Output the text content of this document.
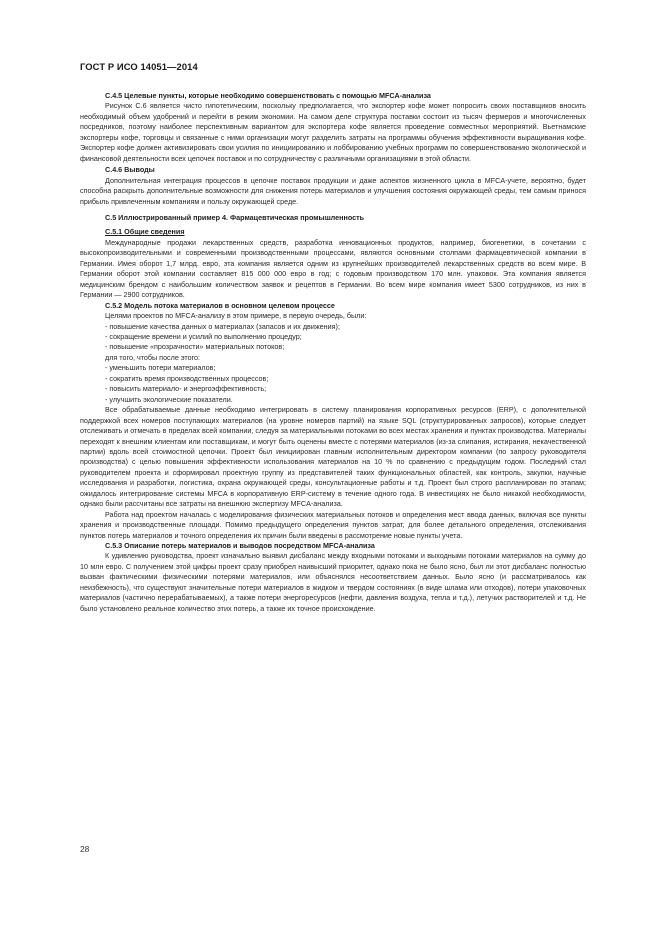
ГОСТ Р ИСО 14051—2014
С.4.5 Целевые пункты, которые необходимо совершенствовать с помощью MFCA-анализа

Рисунок С.6 является чисто гипотетическим, поскольку предполагается, что экспортер кофе может попросить своих поставщиков вносить необходимый объем удобрений и перейти в режим экономии. На самом деле структура поставки состоит из тысяч фермеров и многочисленных посредников, поэтому наиболее перспективным вариантом для экспортера кофе является проведение совместных мероприятий. Вьетнамские экспортеры кофе, торговцы и связанные с ними организации могут разделить затраты на программы обучения эффективности выращивания кофе. Экспортер кофе должен активизировать свои усилия по инициированию и лоббированию учебных программ по совершенствованию экологической и финансовой деятельности всех цепочек поставок и по сотрудничеству с различными организациями в этой области.

С.4.6 Выводы

Дополнительная интеграция процессов в цепочке поставок продукции и даже аспектов жизненного цикла в MFCA-учете, вероятно, будет способна раскрыть дополнительные возможности для снижения потерь материалов и улучшения состояния окружающей среды, тем самым принося прибыль привлеченным компаниям и пользу окружающей среде.

С.5 Иллюстрированный пример 4. Фармацевтическая промышленность
С.5.1 Общие сведения

Международные продажи лекарственных средств, разработка инновационных продуктов, например, биогенетики, в сочетании с высокопроизводительными и современными производственными процессами, являются основными столпами фармацевтической компании в Германии. Имея оборот 1,7 млрд. евро, эта компания является одним из крупнейших производителей лекарственных средств во всем мире. В Германии оборот этой компании составляет 815 000 000 евро в год; с годовым производством 170 млн. упаковок. Эта компания является медицинским брендом с наибольшим количеством заявок и рецептов в Германии. Во всем мире компания имеет 5300 сотрудников, из них в Германии — 2900 сотрудников.

С.5.2 Модель потока материалов в основном целевом процессе

Целями проектов по MFCA-анализу в этом примере, в первую очередь, были:

- повышение качества данных о материалах (запасов и их движения);

- сокращение времени и усилий по выполнению процедур;

- повышение «прозрачности» материальных потоков;

для того, чтобы после этого:

- уменьшить потери материалов;

- сократить время производственных процессов;

- повысить материало- и энергоэффективность;

- улучшить экологические показатели.

Все обрабатываемые данные необходимо интегрировать в систему планирования корпоративных ресурсов (ERP), с дополнительной поддержкой всех номеров поступающих материалов (на уровне номеров партий) на языке SQL (структурированных запросов), которые следует отслеживать и отмечать в пределах всей компании, следуя за материальными потоками во всех местах хранения и пунктах производства. Материалы переходят к внешним клиентам или поставщикам, и могут быть оценены вместе с потерями материалов (из-за слипания, истирания, некачественной партии) вдоль всей стоимостной цепочки. Проект был инициирован главным исполнительным директором компании (по запросу руководителя производства) с целью повышения эффективности использования материалов на 10 % по сравнению с предыдущим годом. Последний стал руководителем проекта и сформировал проектную группу из представителей таких функциональных областей, как контроль, закупки, научные исследования и разработки, логистика, охрана окружающей среды, консультационные работы и т.д. Проект был строго распланирован по этапам; ожидалось интегрирование системы MFCA в корпоративную ERP-систему в течение одного года. В инвестициях не было никакой необходимости, однако были рассчитаны все затраты на внешнюю экспертизу MFCA-анализа.

Работа над проектом началась с моделирования физических материальных потоков и определения мест ввода данных, включая все пункты хранения и производственные площади. Помимо предыдущего определения пунктов затрат, для более детального определения, отслеживания пунктов потерь материалов и точного определения их причин были введены в рассмотрение новые пункты учета.

С.5.3 Описание потерь материалов и выводов посредством MFCA-анализа

К удивлению руководства, проект изначально выявил дисбаланс между входными потоками и выходными потоками материалов на сумму до 10 млн евро. С получением этой цифры проект сразу приобрел наивысший приоритет, однако пока не было ясно, был ли этот дисбаланс полностью вызван фактическими физическими потерями материалов, или объяснялся несоответствием данных. Было ясно (и рассматривалось как неизбежность), что существуют значительные потери материалов в жидком и твердом состояниях (в виде шлама или отходов), потери упаковочных материалов (частично перерабатываемых), а также потери энергоресурсов (нефти, давления воздуха, тепла и т.д.), летучих растворителей и т.д. Не было установлено реальное количество этих потерь, а также их точное происхождение.

28
